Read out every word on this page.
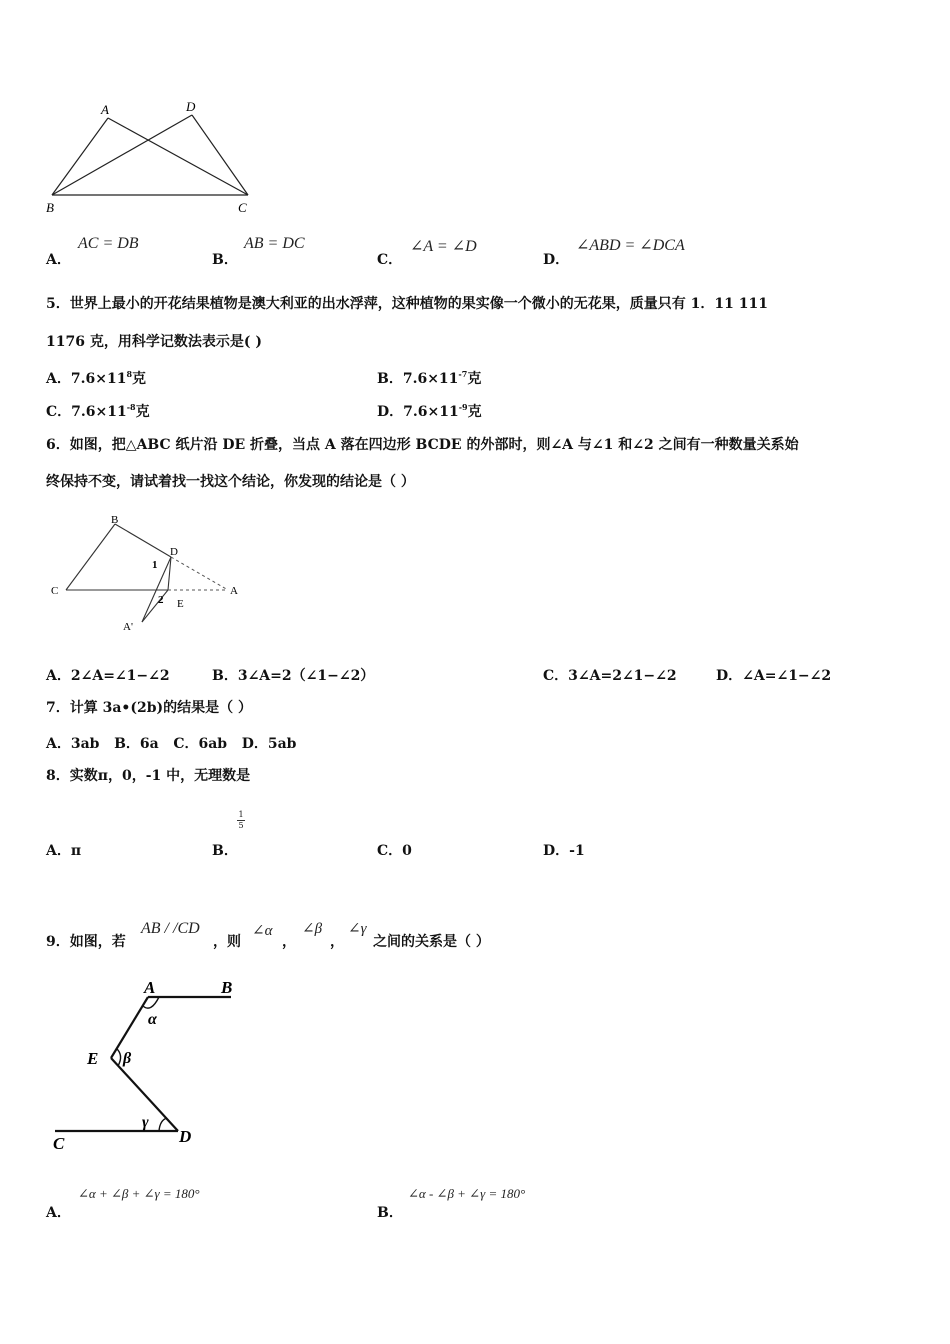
A	D
B	C
A．
AC = DB
B．
AB = DC
C．
∠A = ∠D
D．
∠ABD = ∠DCA
5．世界上最小的开花结果植物是澳大利亚的出水浮萍，这种植物的果实像一个微小的无花果，质量只有 1．11 111
1176 克，用科学记数法表示是( )
A．$7.6\times 11^8$克	B．$7.6\times 11^{-7}$克
C．$7.6\times 11^{-8}$克	D．$7.6\times 11^{-9}$克
6．如图，把△ABC 纸片沿 DE 折叠，当点 A 落在四边形 BCDE 的外部时，则∠A 与∠1 和∠2 之间有一种数量关系始
终保持不变，请试着找一找这个结论，你发现的结论是（ ）
B
D
C	A
E
A'
1
2
A．2∠A=∠1−∠2	B．3∠A=2（∠1−∠2）	C．3∠A=2∠1−∠2	D．∠A=∠1−∠2
7．计算 3a•(2b)的结果是（ ）
A．3ab   B．6a   C．6ab   D．5ab
8．实数π，0，-1 中，无理数是
1
5
A．π	B．	C．0	D．-1
9．如图，若
AB / /CD
，则
∠α
，
∠β
，
∠γ
之间的关系是（ ）
A	B
E
C	D
α
β
γ
A．
∠α + ∠β + ∠γ = 180°
B．
∠α - ∠β + ∠γ = 180°
